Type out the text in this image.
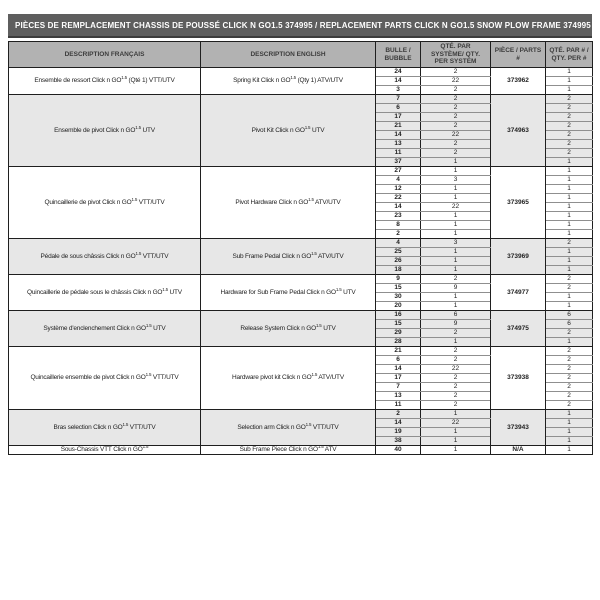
PIÈCES DE REMPLACEMENT CHASSIS DE POUSSÉ CLICK N GO1.5 374995 / REPLACEMENT PARTS CLICK N GO1.5 SNOW PLOW FRAME 374995
DESCRIPTION FRANÇAIS	DESCRIPTION ENGLISH	BULLE / BUBBLE	QTÉ. PAR SYSTÈME/ QTY. PER SYSTEM	PIÈCE / PARTS #	QTÉ. PAR # / QTY. PER #
Ensemble de ressort Click n $GO^{1.5}$ (Qté 1) VTT/UTV	Spring Kit Click n $GO^{1.5}$ (Qty 1) ATV/UTV	24	2	373962	1
		14	22		1
		3	2		1
Ensemble de pivot Click n $GO^{1.5}$ UTV	Pivot Kit Click n $GO^{1.5}$ UTV	7	2	374963	2
		6	2		2
		17	2		2
		21	2		2
		14	22		2
		13	2		2
		11	2		2
		37	1		1
Quincaillerie de pivot Click n $GO^{1.5}$ VTT/UTV	Pivot Hardware Click n $GO^{1.5}$ ATV/UTV	27	1	373965	1
		4	3		1
		12	1		1
		22	1		1
		14	22		1
		23	1		1
		8	1		1
		2	1		1
Pédale de sous châssis Click n $GO^{1.5}$ VTT/UTV	Sub Frame Pedal Click n $GO^{1.5}$ ATV/UTV	4	3	373969	2
		25	1		1
		26	1		1
		18	1		1
Quincaillerie de pédale sous le châssis Click n $GO^{1.5}$ UTV	Hardware for Sub Frame Pedal Click n $GO^{1.5}$ UTV	9	2	374977	2
		15	9		2
		30	1		1
		20	1		1
Système d'enclenchement Click n $GO^{1.5}$ UTV	Release System Click n $GO^{1.5}$ UTV	16	6	374975	6
		15	9		6
		29	2		2
		28	1		1
Quincaillerie ensemble de pivot Click n $GO^{1.5}$ VTT/UTV	Hardware pivot kit Click n $GO^{1.5}$ ATV/UTV	21	2	373938	2
		6	2		2
		14	22		2
		17	2		2
		7	2		2
		13	2		2
		11	2		2
Bras selection Click n $GO^{1.5}$ VTT/UTV	Selection arm Click n $GO^{1.5}$ VTT/UTV	2	1	373943	1
		14	22		1
		19	1		1
		38	1		1
Sous-Chassis VTT Click n $GO^{1.5}$	Sub Frame Piece Click n $GO^{1.5}$ ATV	40	1	N/A	1
